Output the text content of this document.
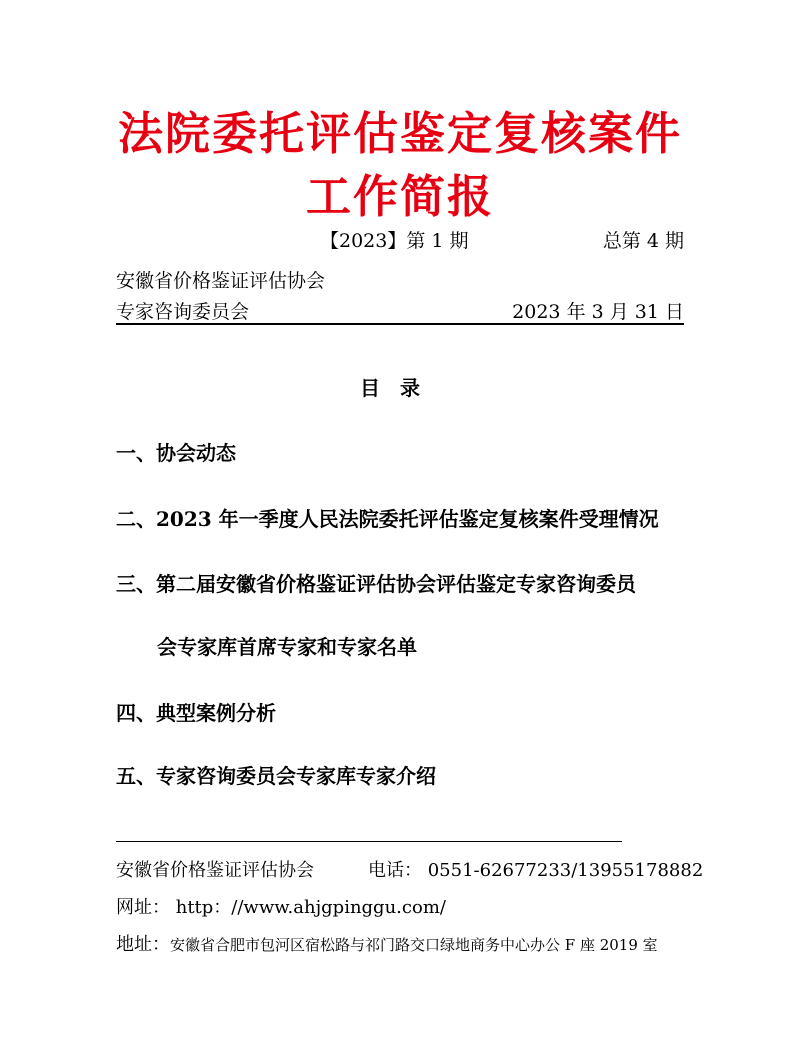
法院委托评估鉴定复核案件
工作简报
【2023】第 1 期	总第 4 期
安徽省价格鉴证评估协会
专家咨询委员会	2023 年 3 月 31 日
目录
一、协会动态
二、2023 年一季度人民法院委托评估鉴定复核案件受理情况
三、第二届安徽省价格鉴证评估协会评估鉴定专家咨询委员
会专家库首席专家和专家名单
四、典型案例分析
五、专家咨询委员会专家库专家介绍
安徽省价格鉴证评估协会	电话： 0551-62677233/13955178882
网址： http：//www.ahjgpinggu.com/
地址：安徽省合肥市包河区宿松路与祁门路交口绿地商务中心办公 F 座 2019 室
